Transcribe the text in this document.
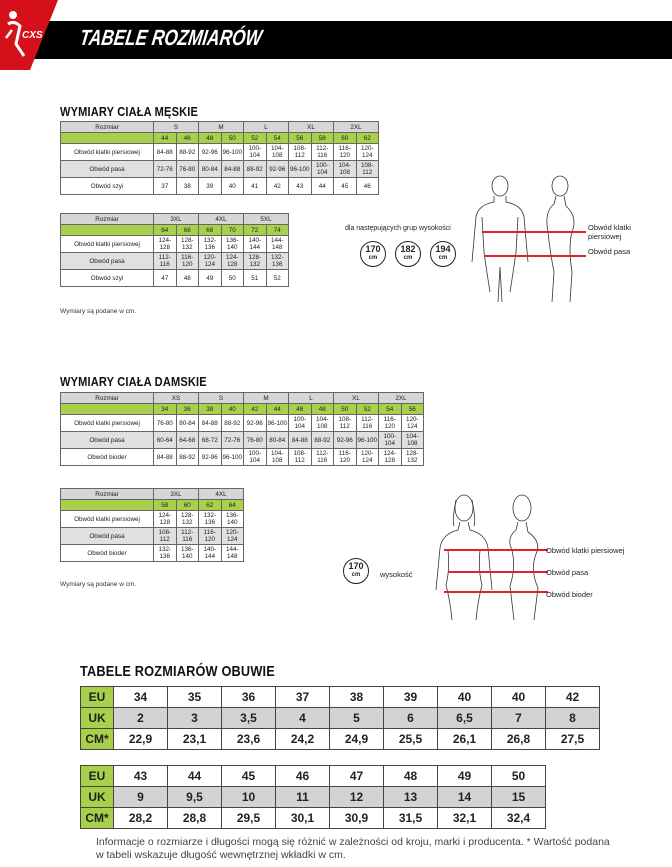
CXS TABELE ROZMIARÓW
WYMIARY CIAŁA MĘSKIE
Rozmiar	S		M		L		XL		2XL	
	44	46	48	50	52	54	56	58	60	62
Obwód klatki piersiowej	84-88	88-92	92-96	96-100	100-104	104-108	108-112	112-116	116-120	120-124
Obwód pasa	72-76	76-80	80-84	84-88	88-92	92-96	96-100	100-104	104-108	108-112
Obwód szyi	37	38	39	40	41	42	43	44	45	46
Rozmiar	3XL		4XL		5XL	
	64	66	68	70	72	74
Obwód klatki piersiowej	124-128	128-132	132-136	136-140	140-144	144-148
Obwód pasa	112-116	116-120	120-124	124-128	128-132	132-136
Obwód szyi	47	48	49	50	51	52
Wymiary są podane w cm.
dla następujących grup wysokości
170
cm
182
cm
194
cm
Obwód klatki piersiowej
Obwód pasa
WYMIARY CIAŁA DAMSKIE
Rozmiar	XS		S		M		L		XL		2XL	
	34	36	38	40	42	44	46	48	50	52	54	56
Obwód klatki piersiowej	76-80	80-84	84-88	88-92	92-96	96-100	100-104	104-108	108-112	112-116	116-120	120-124
Obwód pasa	60-64	64-68	68-72	72-76	76-80	80-84	84-88	88-92	92-96	96-100	100-104	104-108
Obwód bioder	84-88	88-92	92-96	96-100	100-104	104-108	108-112	112-116	116-120	120-124	124-128	128-132
Rozmiar	3XL		4XL	
	58	60	62	64
Obwód klatki piersiowej	124-128	128-132	132-136	136-140
Obwód pasa	108-112	112-116	116-120	120-124
Obwód bioder	132-136	136-140	140-144	144-148
Wymiary są podane w cm.
170
cm	wysokość
Obwód klatki piersiowej
Obwód pasa
Obwód bioder
TABELE ROZMIARÓW OBUWIE
EU	34	35	36	37	38	39	40	40	42
UK	2	3	3,5	4	5	6	6,5	7	8
CM*	22,9	23,1	23,6	24,2	24,9	25,5	26,1	26,8	27,5
EU	43	44	45	46	47	48	49	50
UK	9	9,5	10	11	12	13	14	15
CM*	28,2	28,8	29,5	30,1	30,9	31,5	32,1	32,4
Informacje o rozmiarze i długości mogą się różnić w zależności od kroju, marki i producenta. * Wartość podana w tabeli wskazuje długość wewnętrznej wkładki w cm.
